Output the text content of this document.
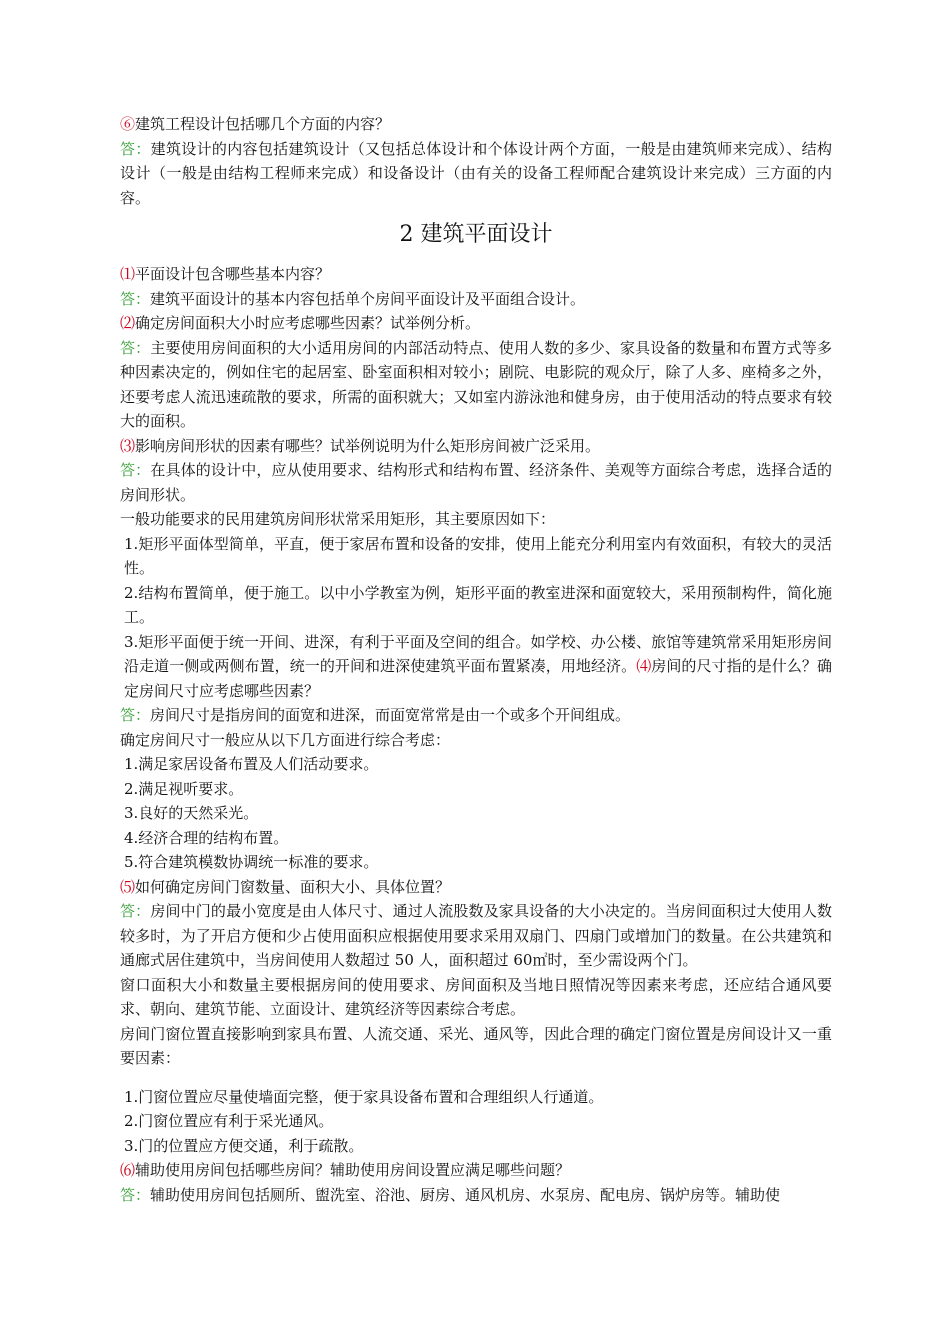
⑥建筑工程设计包括哪几个方面的内容？

答：建筑设计的内容包括建筑设计（又包括总体设计和个体设计两个方面，一般是由建筑师来完成）、结构设计（一般是由结构工程师来完成）和设备设计（由有关的设备工程师配合建筑设计来完成）三方面的内容。

2 建筑平面设计

⑴平面设计包含哪些基本内容？

答：建筑平面设计的基本内容包括单个房间平面设计及平面组合设计。

⑵确定房间面积大小时应考虑哪些因素？试举例分析。

答：主要使用房间面积的大小适用房间的内部活动特点、使用人数的多少、家具设备的数量和布置方式等多种因素决定的，例如住宅的起居室、卧室面积相对较小；剧院、电影院的观众厅，除了人多、座椅多之外，还要考虑人流迅速疏散的要求，所需的面积就大；又如室内游泳池和健身房，由于使用活动的特点要求有较大的面积。

⑶影响房间形状的因素有哪些？试举例说明为什么矩形房间被广泛采用。

答：在具体的设计中，应从使用要求、结构形式和结构布置、经济条件、美观等方面综合考虑，选择合适的房间形状。

一般功能要求的民用建筑房间形状常采用矩形，其主要原因如下：

1.矩形平面体型简单，平直，便于家居布置和设备的安排，使用上能充分利用室内有效面积，有较大的灵活性。

2.结构布置简单，便于施工。以中小学教室为例，矩形平面的教室进深和面宽较大，采用预制构件，简化施工。

3.矩形平面便于统一开间、进深，有利于平面及空间的组合。如学校、办公楼、旅馆等建筑常采用矩形房间沿走道一侧或两侧布置，统一的开间和进深使建筑平面布置紧凑，用地经济。⑷房间的尺寸指的是什么？确定房间尺寸应考虑哪些因素？

答：房间尺寸是指房间的面宽和进深，而面宽常常是由一个或多个开间组成。

确定房间尺寸一般应从以下几方面进行综合考虑：

1.满足家居设备布置及人们活动要求。

2.满足视听要求。

3.良好的天然采光。

4.经济合理的结构布置。

5.符合建筑模数协调统一标准的要求。

⑸如何确定房间门窗数量、面积大小、具体位置？

答：房间中门的最小宽度是由人体尺寸、通过人流股数及家具设备的大小决定的。当房间面积过大使用人数较多时，为了开启方便和少占使用面积应根据使用要求采用双扇门、四扇门或增加门的数量。在公共建筑和通廊式居住建筑中，当房间使用人数超过 50 人，面积超过 60㎡时，至少需设两个门。

窗口面积大小和数量主要根据房间的使用要求、房间面积及当地日照情况等因素来考虑，还应结合通风要求、朝向、建筑节能、立面设计、建筑经济等因素综合考虑。

房间门窗位置直接影响到家具布置、人流交通、采光、通风等，因此合理的确定门窗位置是房间设计又一重要因素：

1.门窗位置应尽量使墙面完整，便于家具设备布置和合理组织人行通道。

2.门窗位置应有利于采光通风。

3.门的位置应方便交通，利于疏散。

⑹辅助使用房间包括哪些房间？辅助使用房间设置应满足哪些问题？

答：辅助使用房间包括厕所、盥洗室、浴池、厨房、通风机房、水泵房、配电房、锅炉房等。辅助使
